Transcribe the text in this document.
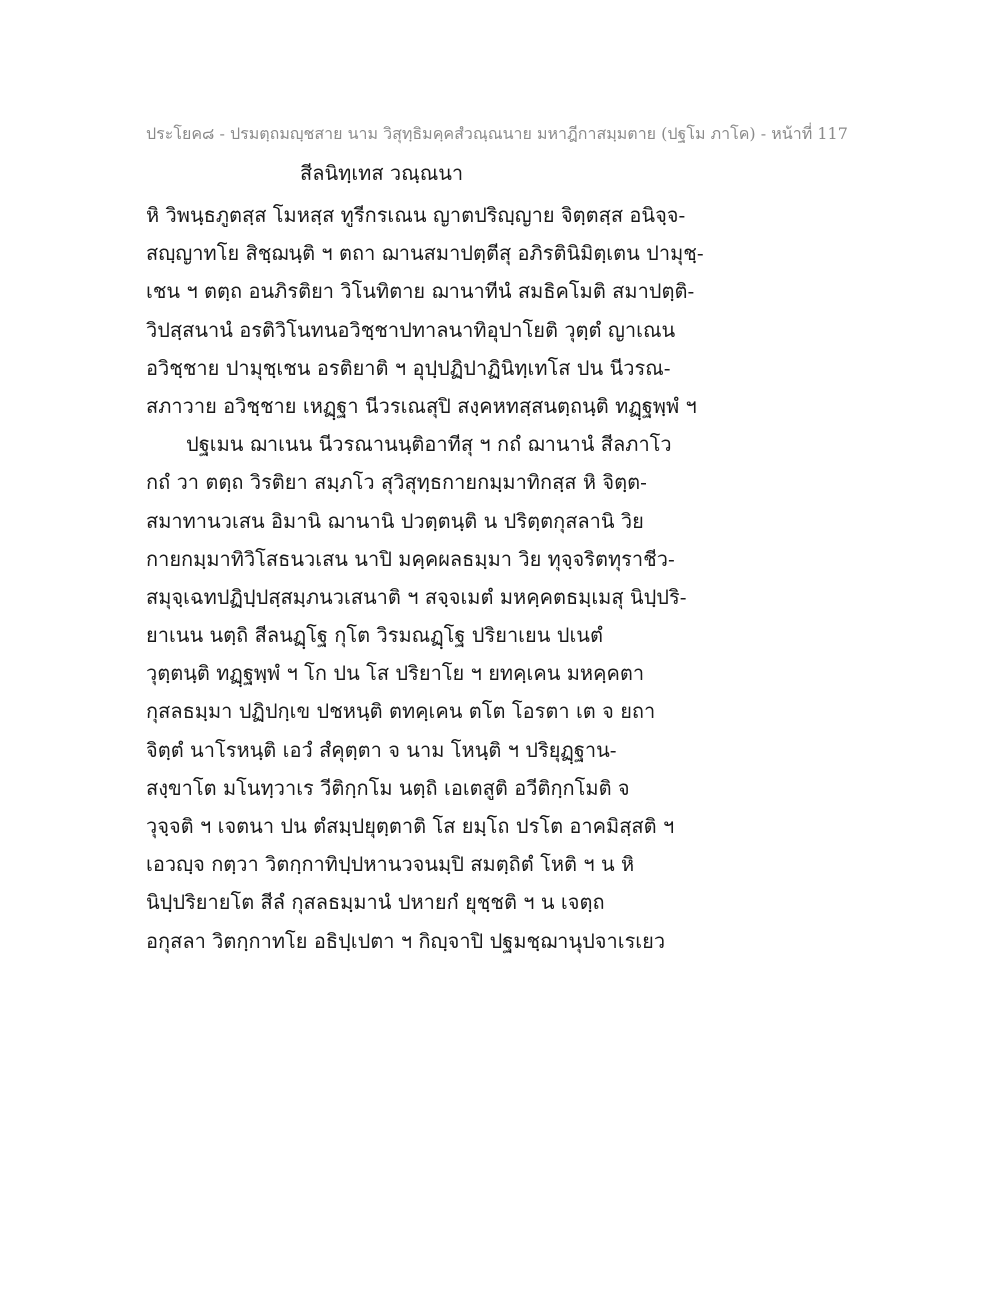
ประโยค๘ - ปรมตฺถมญฺชสาย นาม วิสุทฺธิมคฺคสํวณฺณนาย มหาฎีกาสมฺมตาย (ปฐโม ภาโค) - หน้าที่ 117
สีลนิทฺเทส วณฺณนา
หิ วิพนฺธภูตสฺส โมหสฺส ทูรีกรเณน ญาตปริญฺญาย จิตฺตสฺส อนิจฺจ-
สญฺญาทโย สิชฺฌนฺติ ฯ ตถา ฌานสมาปตฺตีสุ อภิรตินิมิตฺเตน ปามุชฺ-
เชน ฯ ตตฺถ อนภิรติยา วิโนทิตาย ฌานาทีนํ สมธิคโมติ สมาปตฺติ-
วิปสฺสนานํ อรติวิโนทนอวิชฺชาปทาลนาทิอุปาโยติ วุตฺตํ ญาเณน
อวิชฺชาย ปามุชฺเชน อรติยาติ ฯ อุปฺปฏิปาฏินิทฺเทโส ปน นีวรณ-
สภาวาย อวิชฺชาย เหฏฺฐา นีวรเณสุปิ สงฺคหทสฺสนตฺถนฺติ ทฏฺฐพฺพํ ฯ
ปฐเมน ฌาเนน นีวรณานนฺติอาทีสุ ฯ กถํ ฌานานํ สีลภาโว
กถํ วา ตตฺถ วิรติยา สมฺภโว สุวิสุทฺธกายกมฺมาทิกสฺส หิ จิตฺต-
สมาทานวเสน อิมานิ ฌานานิ ปวตฺตนฺติ น ปริตฺตกุสลานิ วิย
กายกมฺมาทิวิโสธนวเสน นาปิ มคฺคผลธมฺมา วิย ทุจฺจริตทุราชีว-
สมุจฺเฉทปฏิปฺปสฺสมฺภนวเสนาติ ฯ สจฺจเมตํ มหคฺคตธมฺเมสุ นิปฺปริ-
ยาเนน นตฺถิ สีลนฏฺโฐ กุโต วิรมณฏฺโฐ ปริยาเยน ปเนตํ
วุตฺตนฺติ ทฏฺฐพฺพํ ฯ โก ปน โส ปริยาโย ฯ ยทคฺเคน มหคฺคตา
กุสลธมฺมา ปฏิปกฺเข ปชหนฺติ ตทคฺเคน ตโต โอรตา เต จ ยถา
จิตฺตํ นาโรหนฺติ เอวํ สํคุตฺตา จ นาม โหนฺติ ฯ ปริยุฏฺฐาน-
สงฺขาโต มโนทฺวาเร วีติกฺกโม นตฺถิ เอเตสูติ อวีติกฺกโมติ จ
วุจฺจติ ฯ เจตนา ปน ตํสมฺปยุตฺตาติ โส ยมฺโถ ปรโต อาคมิสฺสติ ฯ
เอวญฺจ กตฺวา วิตกฺกาทิปฺปหานวจนมฺปิ สมตฺถิตํ โหติ ฯ น หิ
นิปฺปริยายโต สีลํ กุสลธมฺมานํ ปหายกํ ยุชฺชติ ฯ น เจตฺถ
อกุสลา วิตกฺกาทโย อธิปฺเปตา ฯ กิญฺจาปิ ปฐมชฺฌานุปจาเรเยว
